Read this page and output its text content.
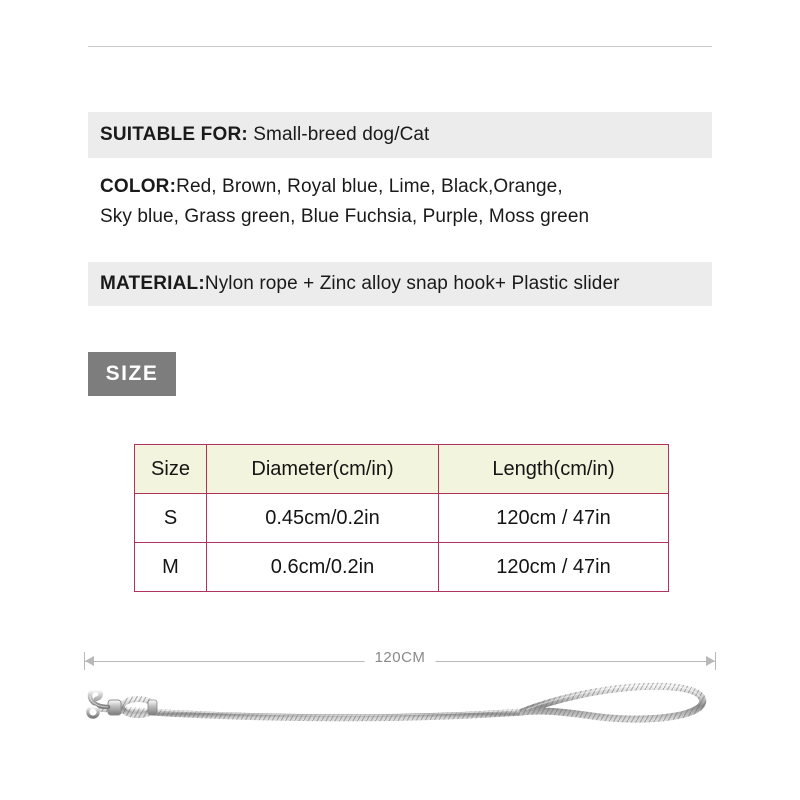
SUITABLE FOR: Small-breed dog/Cat
COLOR:Red, Brown, Royal blue, Lime, Black,Orange,
Sky blue, Grass green, Blue Fuchsia, Purple, Moss green
MATERIAL:Nylon rope + Zinc alloy snap hook+ Plastic slider
SIZE
Size	Diameter(cm/in)	Length(cm/in)
S	0.45cm/0.2in	120cm / 47in
M	0.6cm/0.2in	120cm / 47in
120CM
